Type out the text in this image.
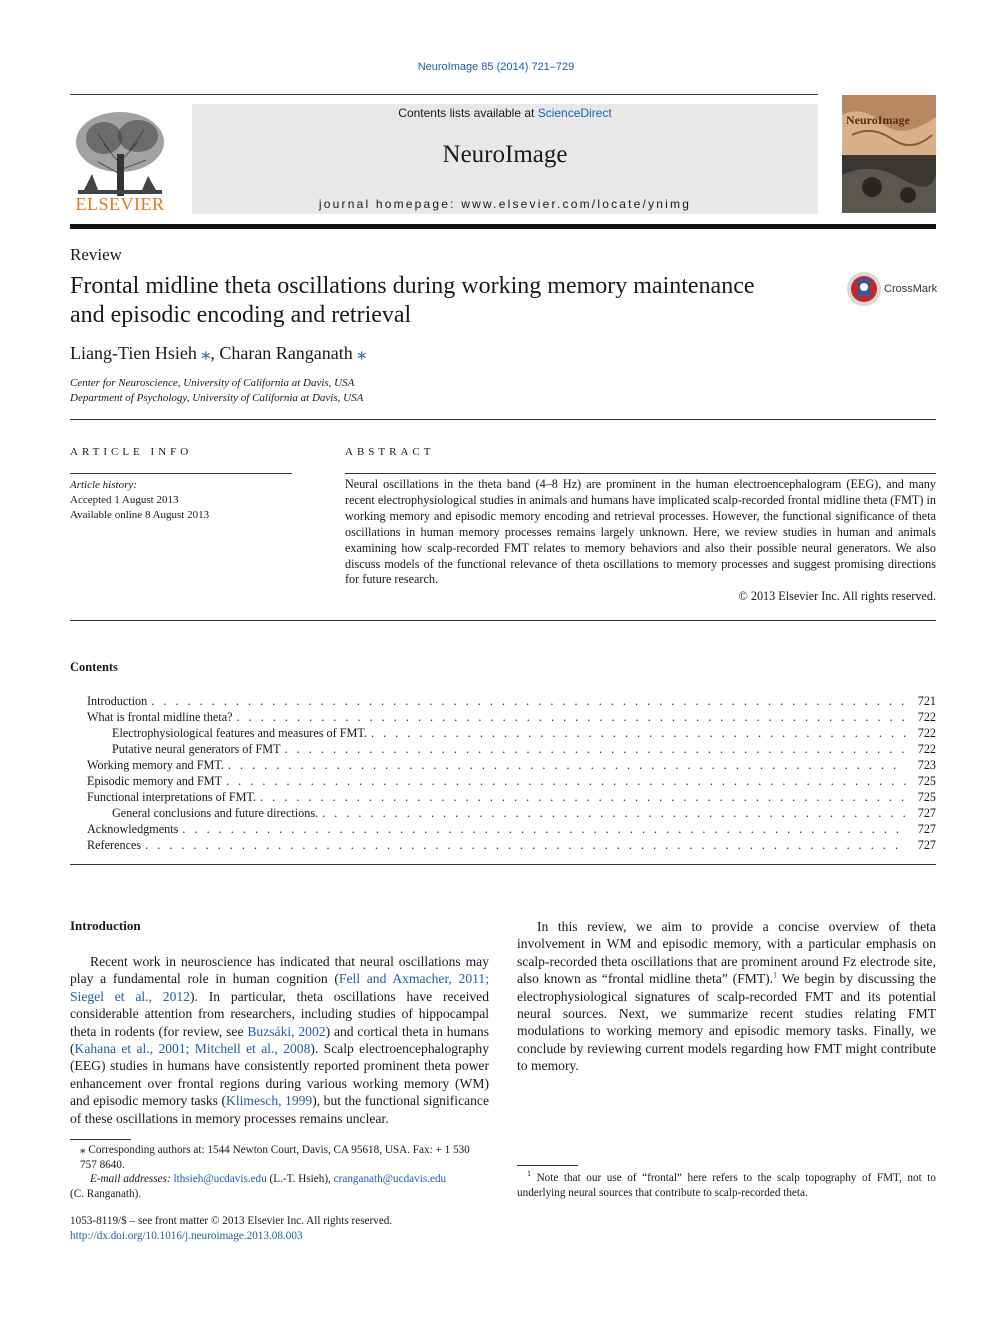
NeuroImage 85 (2014) 721–729
ELSEVIER
Contents lists available at ScienceDirect
NeuroImage
journal homepage: www.elsevier.com/locate/ynimg
NeuroImage
Review
Frontal midline theta oscillations during working memory maintenance
and episodic encoding and retrieval
CrossMark
Liang-Tien Hsieh ⁎, Charan Ranganath ⁎
Center for Neuroscience, University of California at Davis, USA
Department of Psychology, University of California at Davis, USA
ARTICLE INFO
Article history:
Accepted 1 August 2013
Available online 8 August 2013
ABSTRACT
Neural oscillations in the theta band (4–8 Hz) are prominent in the human electroencephalogram (EEG), and many recent electrophysiological studies in animals and humans have implicated scalp-recorded frontal midline theta (FMT) in working memory and episodic memory encoding and retrieval processes. However, the functional significance of theta oscillations in human memory processes remains largely unknown. Here, we review studies in human and animals examining how scalp-recorded FMT relates to memory behaviors and also their possible neural generators. We also discuss models of the functional relevance of theta oscillations to memory processes and suggest promising directions for future research.
© 2013 Elsevier Inc. All rights reserved.
Contents
Introduction . . .	721
What is frontal midline theta? . . .	722
Electrophysiological features and measures of FMT. . . .	722
Putative neural generators of FMT . . .	722
Working memory and FMT. . . .	723
Episodic memory and FMT . . .	725
Functional interpretations of FMT. . . .	725
General conclusions and future directions. . . .	727
Acknowledgments . . .	727
References . . .	727
Introduction

Recent work in neuroscience has indicated that neural oscillations may play a fundamental role in human cognition (Fell and Axmacher, 2011; Siegel et al., 2012). In particular, theta oscillations have received considerable attention from researchers, including studies of hippocampal theta in rodents (for review, see Buzsáki, 2002) and cortical theta in humans (Kahana et al., 2001; Mitchell et al., 2008). Scalp electroencephalography (EEG) studies in humans have consistently reported prominent theta power enhancement over frontal regions during various working memory (WM) and episodic memory tasks (Klimesch, 1999), but the functional significance of these oscillations in memory processes remains unclear.

In this review, we aim to provide a concise overview of theta involvement in WM and episodic memory, with a particular emphasis on scalp-recorded theta oscillations that are prominent around Fz electrode site, also known as “frontal midline theta” (FMT).$^1$ We begin by discussing the electrophysiological signatures of scalp-recorded FMT and its potential neural sources. Next, we summarize recent studies relating FMT modulations to working memory and episodic memory tasks. Finally, we conclude by reviewing current models regarding how FMT might contribute to memory.

⁎ Corresponding authors at: 1544 Newton Court, Davis, CA 95618, USA. Fax: + 1 530 757 8640.
E-mail addresses: lthsieh@ucdavis.edu (L.-T. Hsieh), cranganath@ucdavis.edu
(C. Ranganath).
$^1$ Note that our use of “frontal” here refers to the scalp topography of FMT, not to underlying neural sources that contribute to scalp-recorded theta.
1053-8119/$ – see front matter © 2013 Elsevier Inc. All rights reserved.
http://dx.doi.org/10.1016/j.neuroimage.2013.08.003
